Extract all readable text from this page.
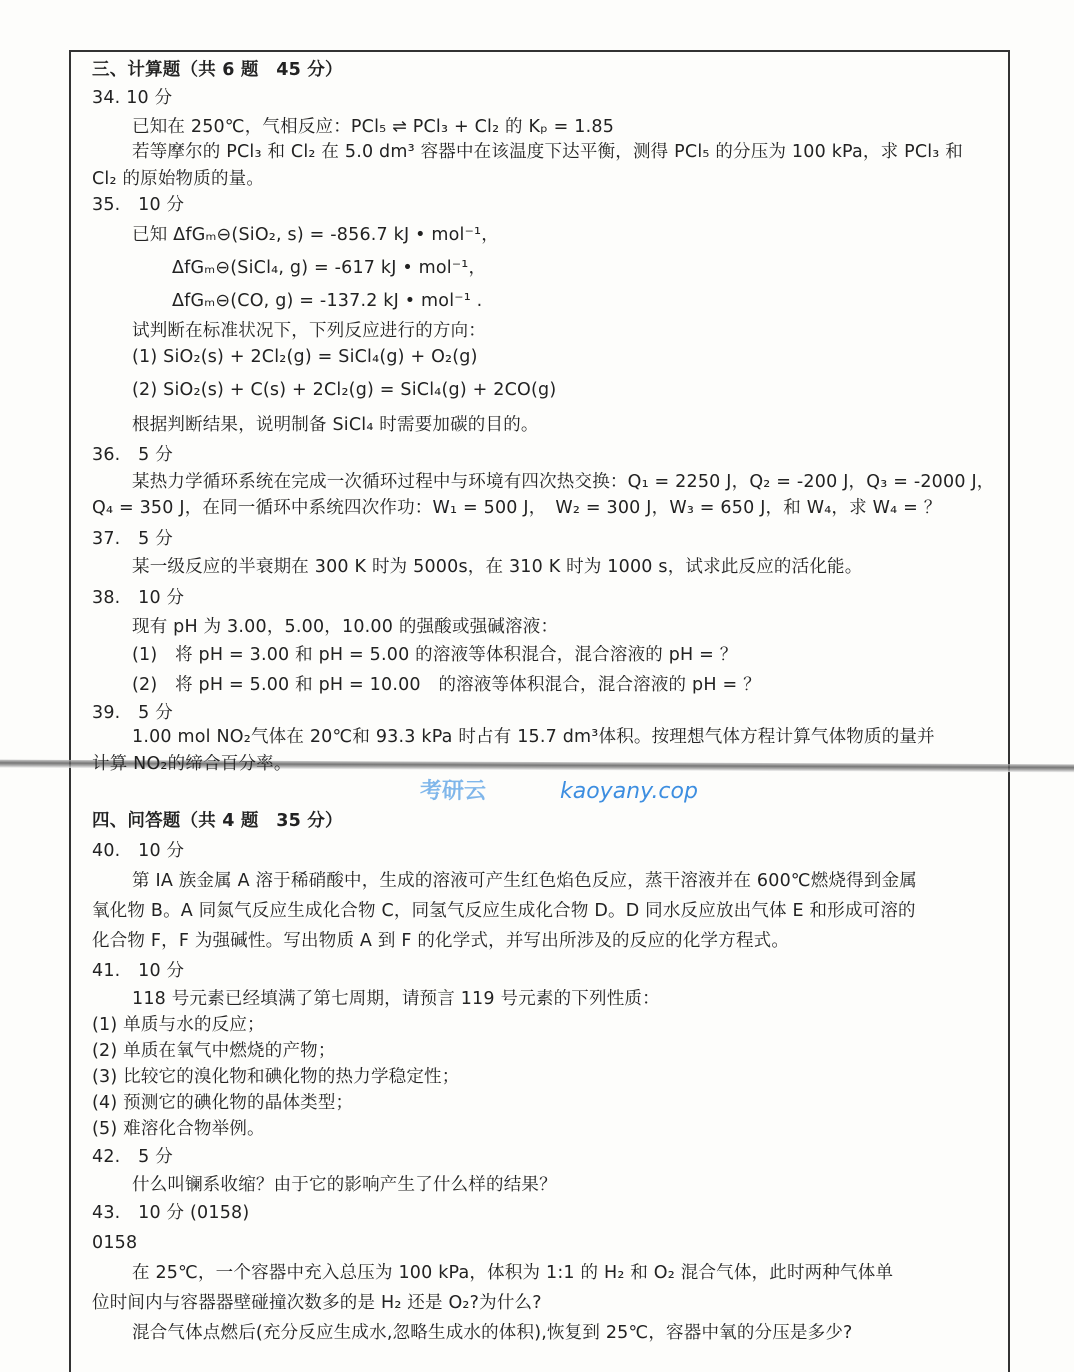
三、计算题（共 6 题　45 分）
34. 10 分
已知在 250℃，气相反应：PCl₅ ⇌ PCl₃ + Cl₂ 的 Kₚ = 1.85
若等摩尔的 PCl₃ 和 Cl₂ 在 5.0 dm³ 容器中在该温度下达平衡，测得 PCl₅ 的分压为 100 kPa，求 PCl₃ 和
Cl₂ 的原始物质的量。
35.　10 分
已知 ΔfGₘ⊖(SiO₂, s) = -856.7 kJ • mol⁻¹，
ΔfGₘ⊖(SiCl₄, g) = -617 kJ • mol⁻¹，
ΔfGₘ⊖(CO, g) = -137.2 kJ • mol⁻¹ .
试判断在标准状况下，下列反应进行的方向：
(1) SiO₂(s) + 2Cl₂(g) = SiCl₄(g) + O₂(g)
(2) SiO₂(s) + C(s) + 2Cl₂(g) = SiCl₄(g) + 2CO(g)
根据判断结果，说明制备 SiCl₄ 时需要加碳的目的。
36.　5 分
某热力学循环系统在完成一次循环过程中与环境有四次热交换：Q₁ = 2250 J，Q₂ = -200 J，Q₃ = -2000 J，
Q₄ = 350 J，在同一循环中系统四次作功：W₁ = 500 J，　W₂ = 300 J，W₃ = 650 J，和 W₄，求 W₄ = ？
37.　5 分
某一级反应的半衰期在 300 K 时为 5000s，在 310 K 时为 1000 s，试求此反应的活化能。
38.　10 分
现有 pH 为 3.00，5.00，10.00 的强酸或强碱溶液：
(1)　将 pH = 3.00 和 pH = 5.00 的溶液等体积混合，混合溶液的 pH = ？
(2)　将 pH = 5.00 和 pH = 10.00　的溶液等体积混合，混合溶液的 pH = ？
39.　5 分
1.00 mol NO₂气体在 20℃和 93.3 kPa 时占有 15.7 dm³体积。按理想气体方程计算气体物质的量并
计算 NO₂的缔合百分率。
四、问答题（共 4 题　35 分）
40.　10 分
第 IA 族金属 A 溶于稀硝酸中，生成的溶液可产生红色焰色反应，蒸干溶液并在 600℃燃烧得到金属
氧化物 B。A 同氮气反应生成化合物 C，同氢气反应生成化合物 D。D 同水反应放出气体 E 和形成可溶的
化合物 F，F 为强碱性。写出物质 A 到 F 的化学式，并写出所涉及的反应的化学方程式。
41.　10 分
118 号元素已经填满了第七周期，请预言 119 号元素的下列性质：
(1) 单质与水的反应；
(2) 单质在氧气中燃烧的产物；
(3) 比较它的溴化物和碘化物的热力学稳定性；
(4) 预测它的碘化物的晶体类型；
(5) 难溶化合物举例。
42.　5 分
什么叫镧系收缩？由于它的影响产生了什么样的结果？
43.　10 分 (0158)
0158
在 25℃，一个容器中充入总压为 100 kPa，体积为 1:1 的 H₂ 和 O₂ 混合气体，此时两种气体单
位时间内与容器器壁碰撞次数多的是 H₂ 还是 O₂?为什么?
混合气体点燃后(充分反应生成水,忽略生成水的体积),恢复到 25℃，容器中氧的分压是多少?
考研云	kaoyany.cop
